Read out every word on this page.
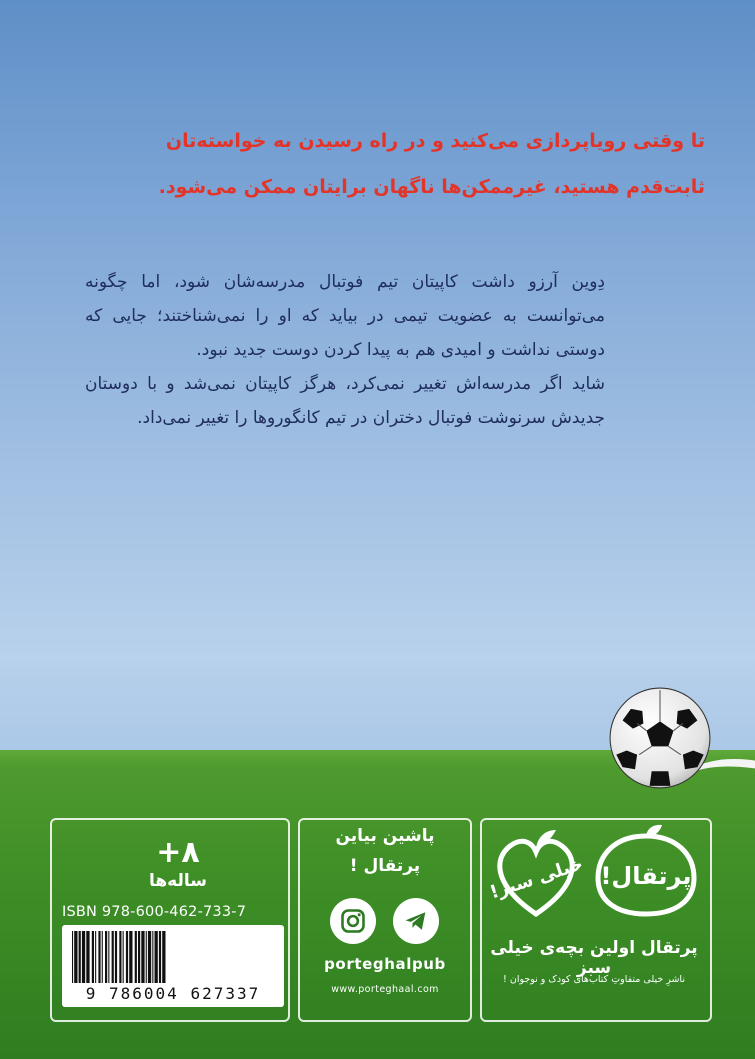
تا وقتی رویاپردازی می‌کنید و در راه رسیدن به خواسته‌تان
ثابت‌قدم هستید، غیرممکن‌ها ناگهان برایتان ممکن می‌شود.

دِوین آرزو داشت کاپیتان تیم فوتبال مدرسه‌شان شود، اما چگونه می‌توانست به عضویت تیمی در بیاید که او را نمی‌شناختند؛ جایی که دوستی نداشت و امیدی هم به پیدا کردن دوست جدید نبود.

شاید اگر مدرسه‌اش تغییر نمی‌کرد، هرگز کاپیتان نمی‌شد و با دوستان جدیدش سرنوشت فوتبال دختران در تیم کانگوروها را تغییر نمی‌داد.

+۸
ساله‌ها
ISBN 978-600-462-733-7
9 786004 627337
پاشین بیاین
پرتقال !
porteghalpub
www.porteghaal.com
خیلی سبز! پرتقال!
پرتقال اولین بچه‌ی خیلی سبز
ناشرِ خیلی متفاوتِ کتاب‌های کودک و نوجوان !
